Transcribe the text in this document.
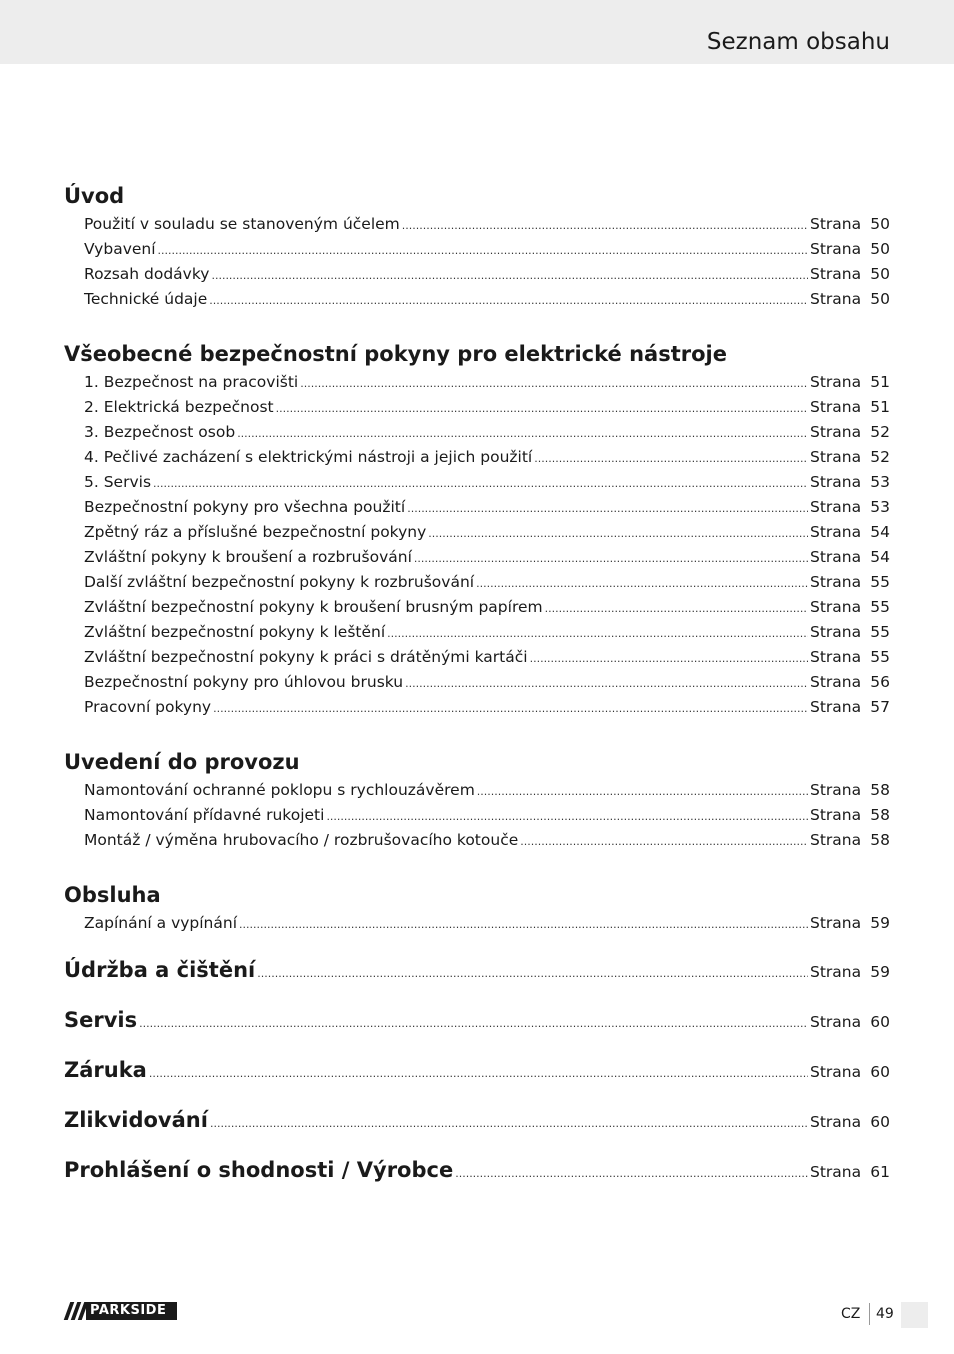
Seznam obsahu
Úvod
Použití v souladu se stanoveným účelem .....	Strana 50
Vybavení .....	Strana 50
Rozsah dodávky .....	Strana 50
Technické údaje .....	Strana 50
Všeobecné bezpečnostní pokyny pro elektrické nástroje
1. Bezpečnost na pracovišti .....	Strana 51
2. Elektrická bezpečnost .....	Strana 51
3. Bezpečnost osob .....	Strana 52
4. Pečlivé zacházení s elektrickými nástroji a jejich použití .....	Strana 52
5. Servis .....	Strana 53
Bezpečnostní pokyny pro všechna použití .....	Strana 53
Zpětný ráz a příslušné bezpečnostní pokyny .....	Strana 54
Zvláštní pokyny k broušení a rozbrušování .....	Strana 54
Další zvláštní bezpečnostní pokyny k rozbrušování .....	Strana 55
Zvláštní bezpečnostní pokyny k broušení brusným papírem .....	Strana 55
Zvláštní bezpečnostní pokyny k leštění .....	Strana 55
Zvláštní bezpečnostní pokyny k práci s drátěnými kartáči .....	Strana 55
Bezpečnostní pokyny pro úhlovou brusku .....	Strana 56
Pracovní pokyny .....	Strana 57
Uvedení do provozu
Namontování ochranné poklopu s rychlouzávěrem .....	Strana 58
Namontování přídavné rukojeti .....	Strana 58
Montáž / výměna hrubovacího / rozbrušovacího kotouče .....	Strana 58
Obsluha
Zapínání a vypínání .....	Strana 59
Údržba a čištění .....	Strana 59
Servis .....	Strana 60
Záruka .....	Strana 60
Zlikvidování .....	Strana 60
Prohlášení o shodnosti / Výrobce .....	Strana 61
PARKSIDE	CZ 49
